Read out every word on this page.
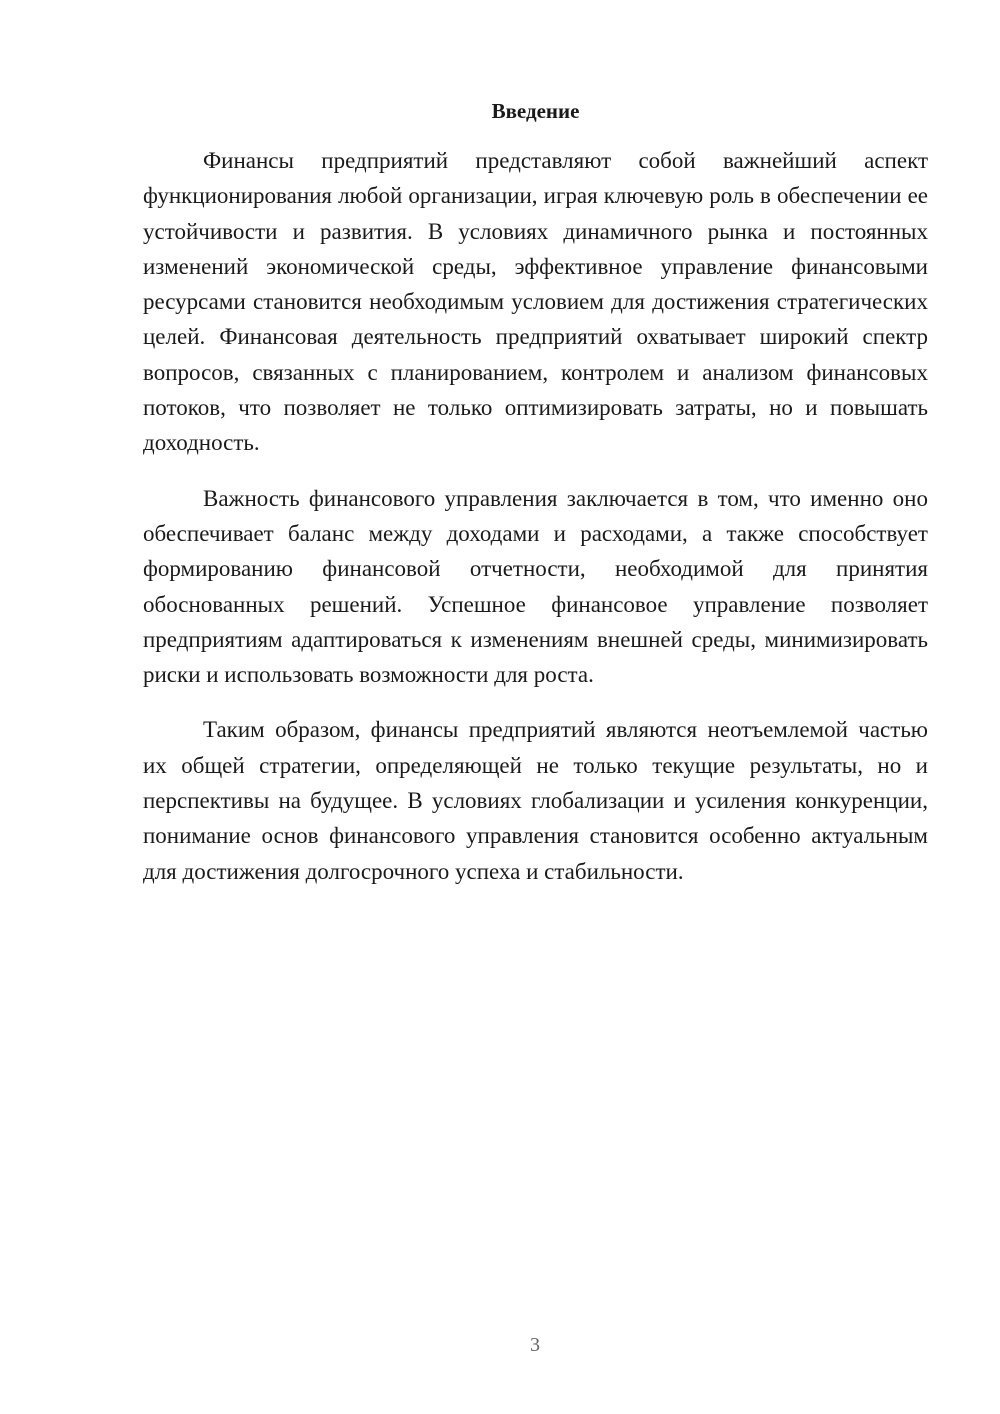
Введение

Финансы предприятий представляют собой важнейший аспект функционирования любой организации, играя ключевую роль в обеспечении ее устойчивости и развития. В условиях динамичного рынка и постоянных изменений экономической среды, эффективное управление финансовыми ресурсами становится необходимым условием для достижения стратегических целей. Финансовая деятельность предприятий охватывает широкий спектр вопросов, связанных с планированием, контролем и анализом финансовых потоков, что позволяет не только оптимизировать затраты, но и повышать доходность.

Важность финансового управления заключается в том, что именно оно обеспечивает баланс между доходами и расходами, а также способствует формированию финансовой отчетности, необходимой для принятия обоснованных решений. Успешное финансовое управление позволяет предприятиям адаптироваться к изменениям внешней среды, минимизировать риски и использовать возможности для роста.

Таким образом, финансы предприятий являются неотъемлемой частью их общей стратегии, определяющей не только текущие результаты, но и перспективы на будущее. В условиях глобализации и усиления конкуренции, понимание основ финансового управления становится особенно актуальным для достижения долгосрочного успеха и стабильности.

3
